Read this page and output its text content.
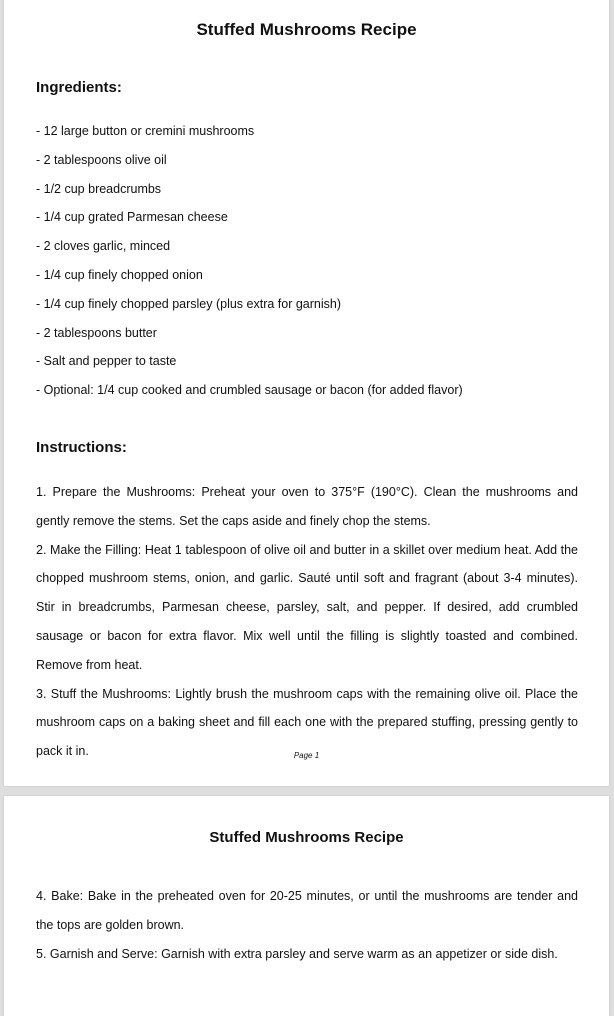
Stuffed Mushrooms Recipe
Ingredients:
- 12 large button or cremini mushrooms
- 2 tablespoons olive oil
- 1/2 cup breadcrumbs
- 1/4 cup grated Parmesan cheese
- 2 cloves garlic, minced
- 1/4 cup finely chopped onion
- 1/4 cup finely chopped parsley (plus extra for garnish)
- 2 tablespoons butter
- Salt and pepper to taste
- Optional: 1/4 cup cooked and crumbled sausage or bacon (for added flavor)
Instructions:

1. Prepare the Mushrooms: Preheat your oven to 375°F (190°C). Clean the mushrooms and gently remove the stems. Set the caps aside and finely chop the stems.

2. Make the Filling: Heat 1 tablespoon of olive oil and butter in a skillet over medium heat. Add the chopped mushroom stems, onion, and garlic. Sauté until soft and fragrant (about 3-4 minutes). Stir in breadcrumbs, Parmesan cheese, parsley, salt, and pepper. If desired, add crumbled sausage or bacon for extra flavor. Mix well until the filling is slightly toasted and combined. Remove from heat.

3. Stuff the Mushrooms: Lightly brush the mushroom caps with the remaining olive oil. Place the mushroom caps on a baking sheet and fill each one with the prepared stuffing, pressing gently to pack it in.	Page 1
Stuffed Mushrooms Recipe

4. Bake: Bake in the preheated oven for 20-25 minutes, or until the mushrooms are tender and the tops are golden brown.

5. Garnish and Serve: Garnish with extra parsley and serve warm as an appetizer or side dish.
